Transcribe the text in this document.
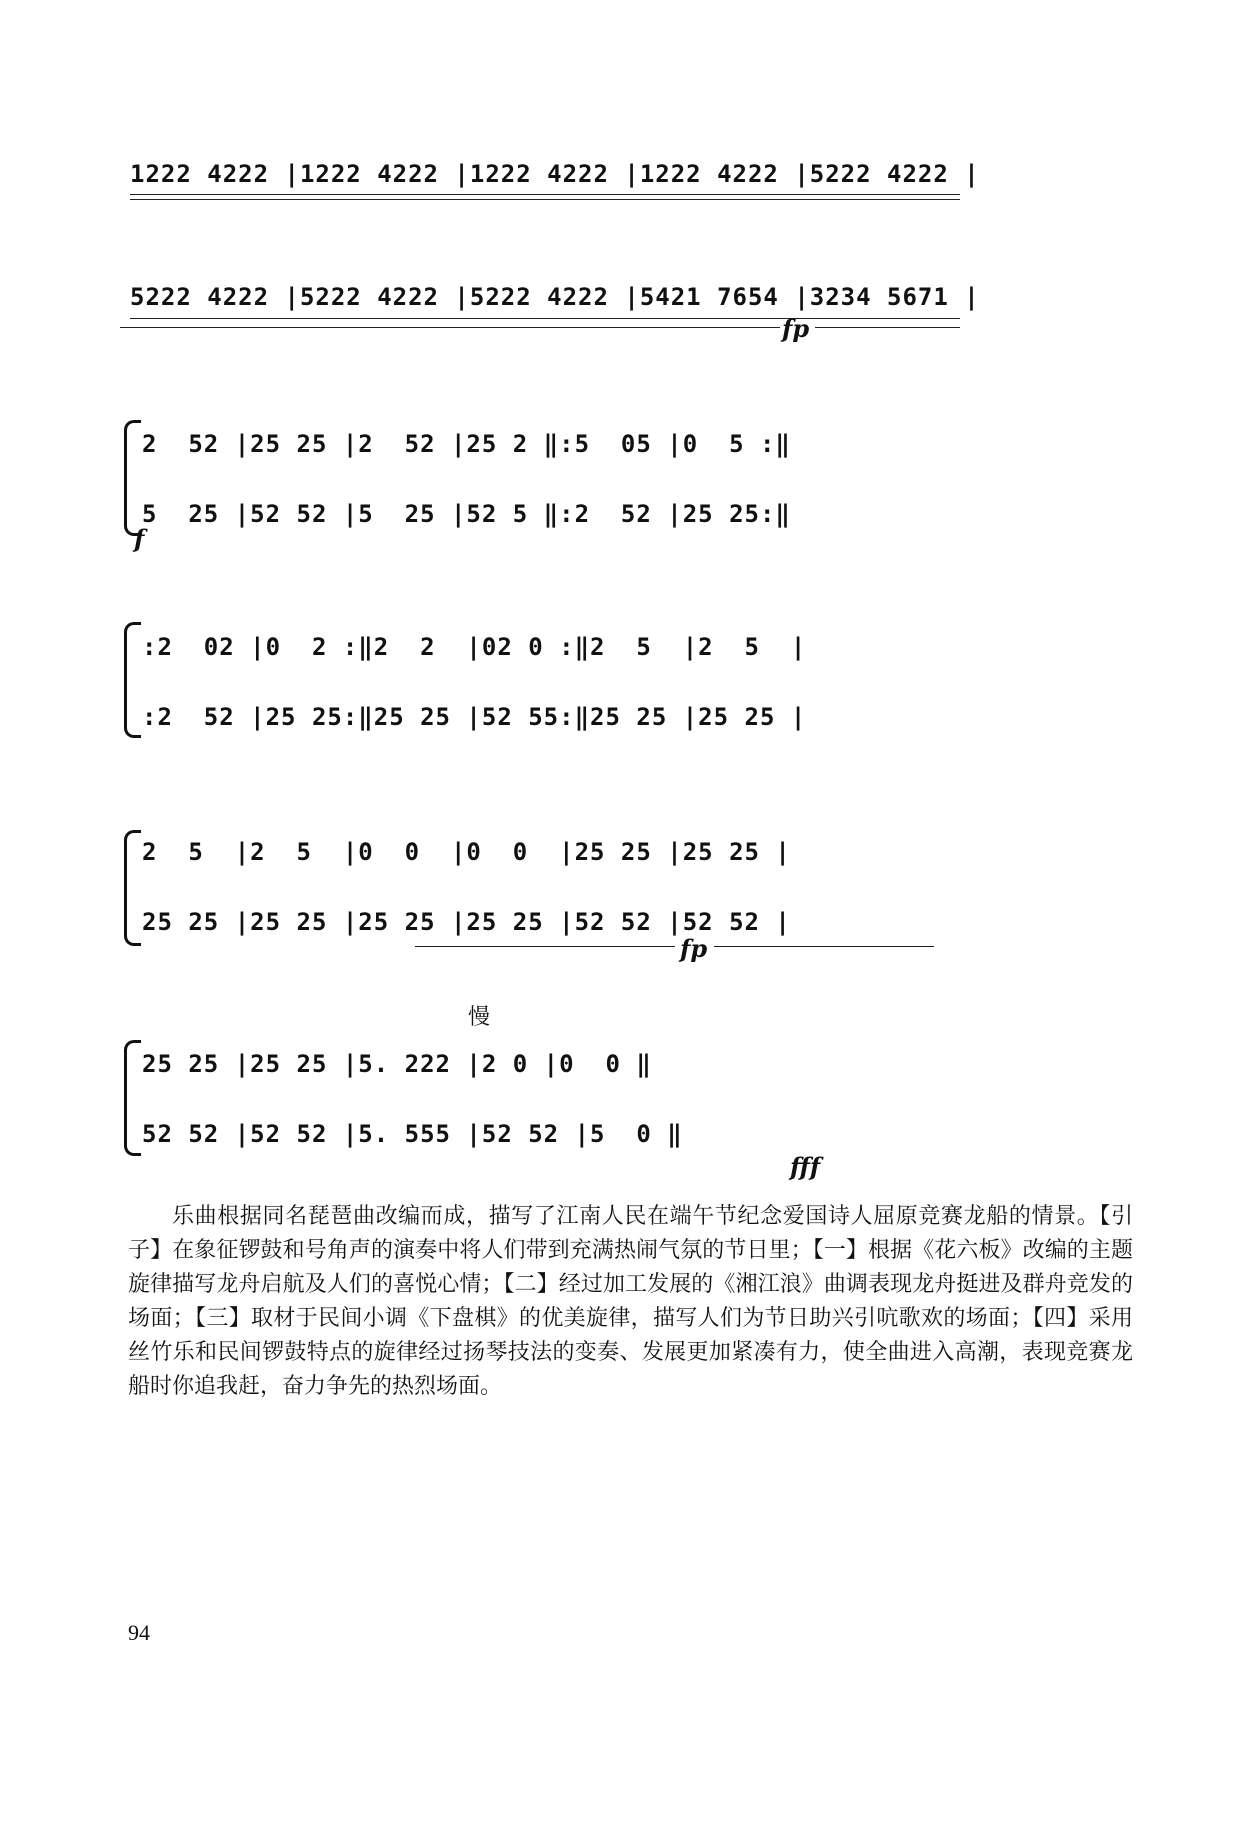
1222 4222 |1222 4222 |1222 4222 |1222 4222 |5222 4222 |
5222 4222 |5222 4222 |5222 4222 |5421 7654 |3234 5671 |
fp
2  52 |25 25 |2  52 |25 2 ‖:5  05 |0  5 :‖
5  25 |52 52 |5  25 |52 5 ‖:2  52 |25 25:‖
f
:2  02 |0  2 :‖2  2  |02 0 :‖2  5  |2  5  |
:2  52 |25 25:‖25 25 |52 55:‖25 25 |25 25 |
2  5  |2  5  |0  0  |0  0  |25 25 |25 25 |
25 25 |25 25 |25 25 |25 25 |52 52 |52 52 |
fp
慢
25 25 |25 25 |5. 222 |2 0 |0  0 ‖
52 52 |52 52 |5. 555 |52 52 |5  0 ‖
fff
乐曲根据同名琵琶曲改编而成，描写了江南人民在端午节纪念爱国诗人屈原竞赛龙船的情景。【引子】在象征锣鼓和号角声的演奏中将人们带到充满热闹气氛的节日里；【一】根据《花六板》改编的主题旋律描写龙舟启航及人们的喜悦心情；【二】经过加工发展的《湘江浪》曲调表现龙舟挺进及群舟竞发的场面；【三】取材于民间小调《下盘棋》的优美旋律，描写人们为节日助兴引吭歌欢的场面；【四】采用丝竹乐和民间锣鼓特点的旋律经过扬琴技法的变奏、发展更加紧凑有力，使全曲进入高潮，表现竞赛龙船时你追我赶，奋力争先的热烈场面。
94
